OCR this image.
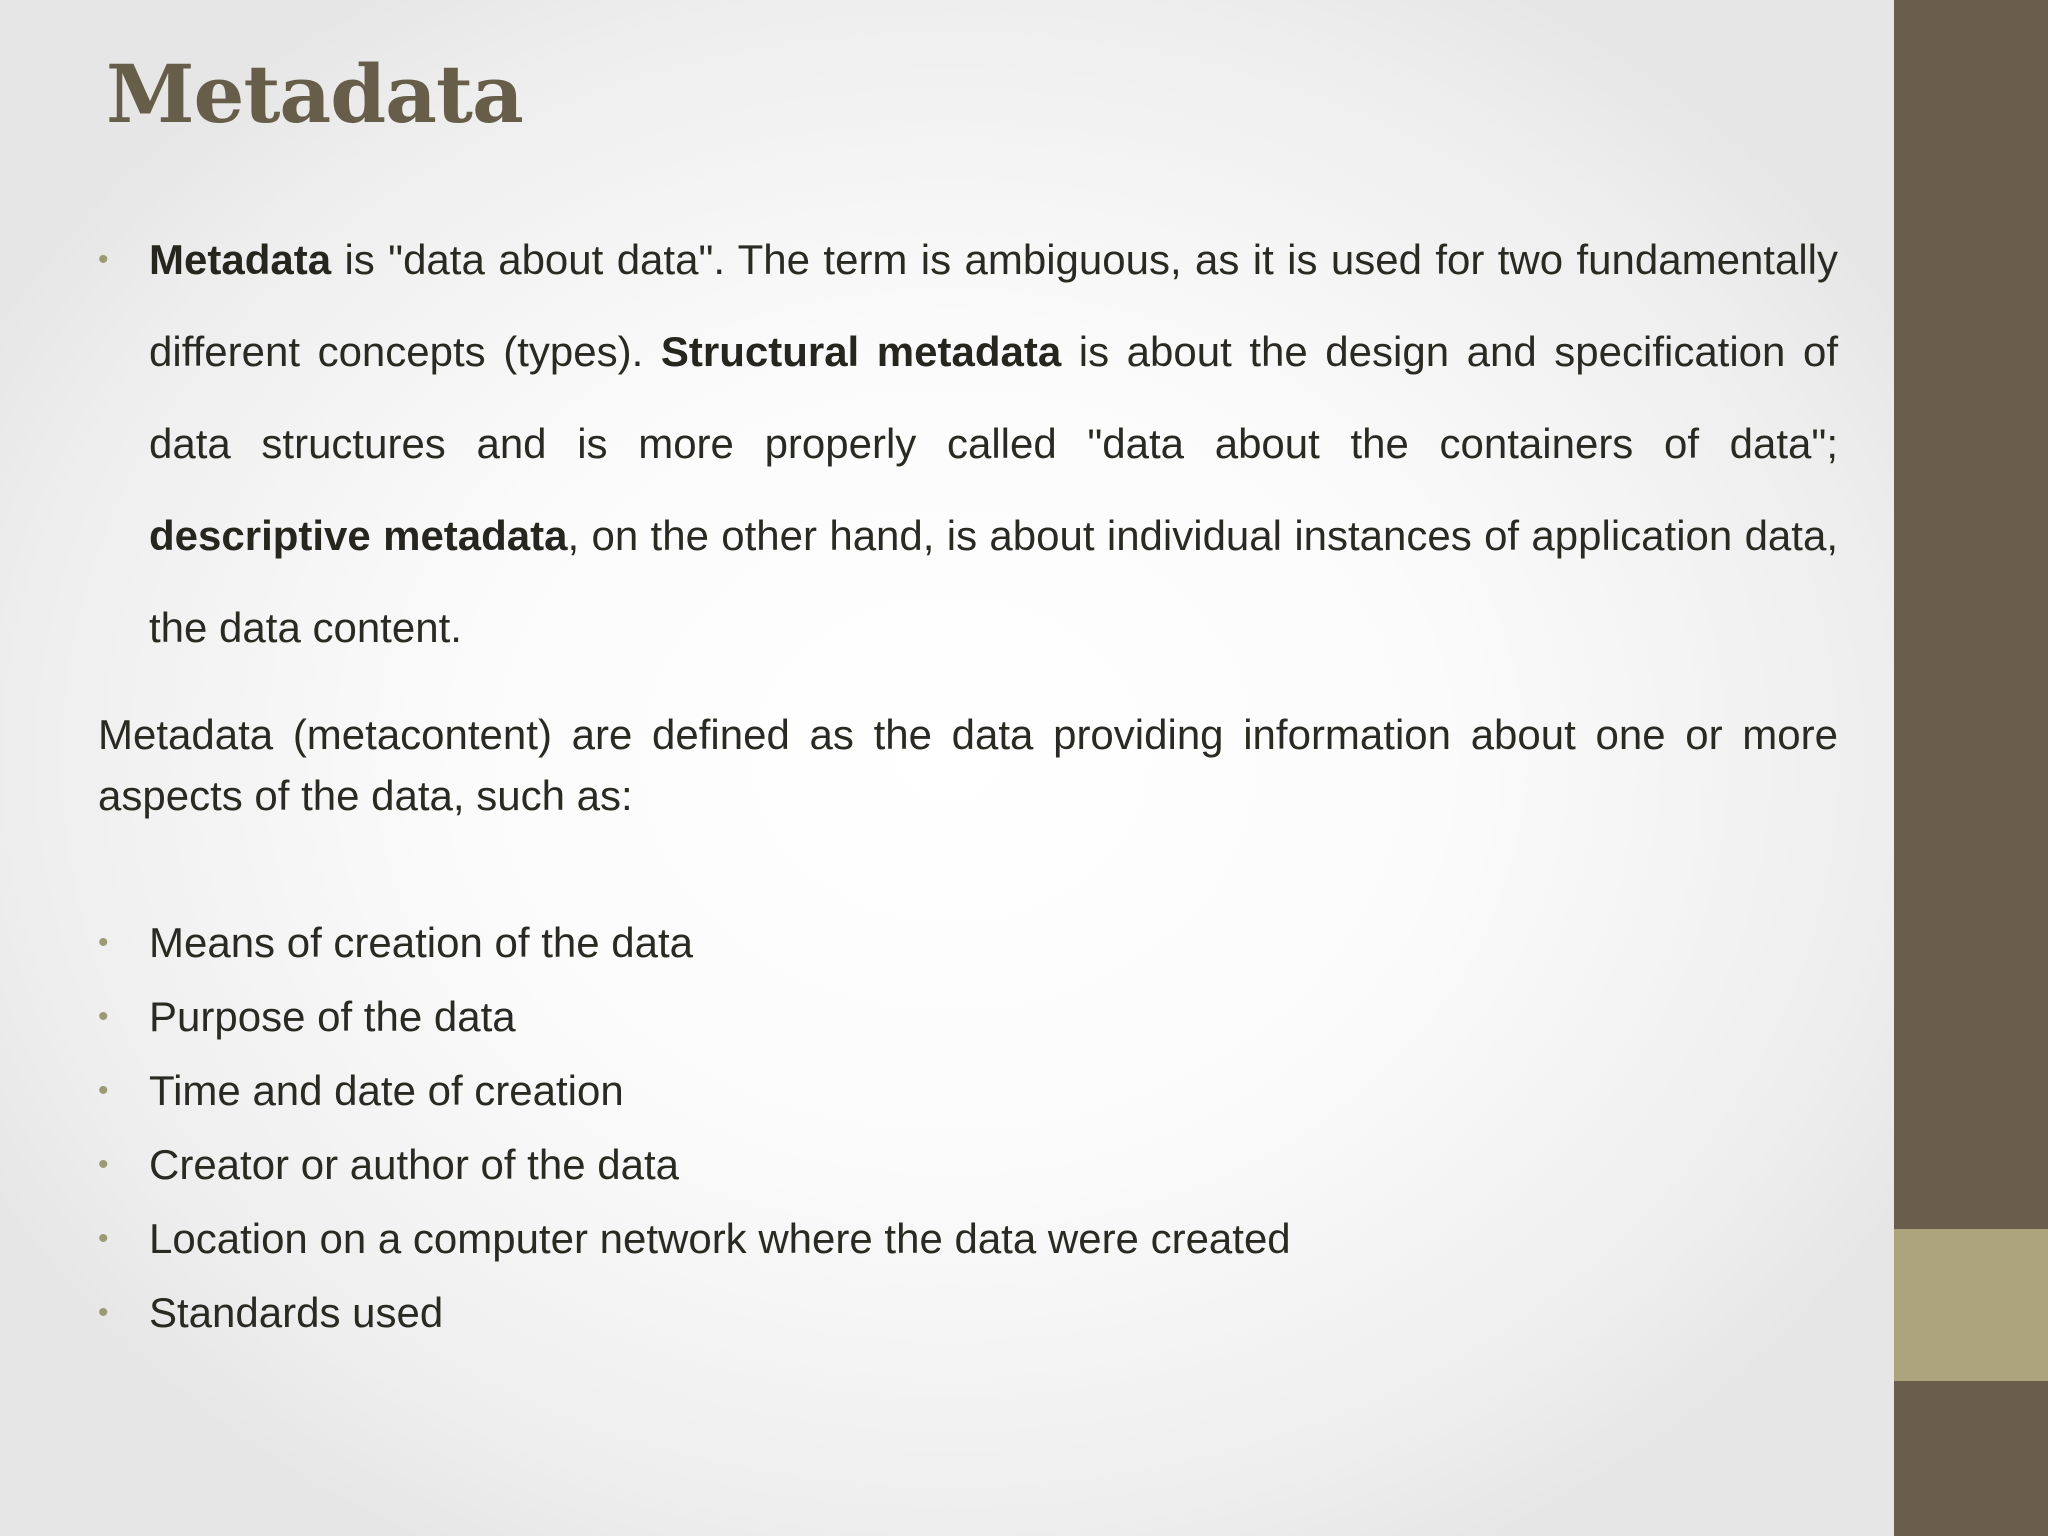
Metadata
• Metadata is "data about data". The term is ambiguous, as it is used for two fundamentally different concepts (types). Structural metadata is about the design and specification of data structures and is more properly called "data about the containers of data"; descriptive metadata, on the other hand, is about individual instances of application data, the data content.
Metadata (metacontent) are defined as the data providing information about one or more aspects of the data, such as:
• Means of creation of the data
• Purpose of the data
• Time and date of creation
• Creator or author of the data
• Location on a computer network where the data were created
• Standards used
